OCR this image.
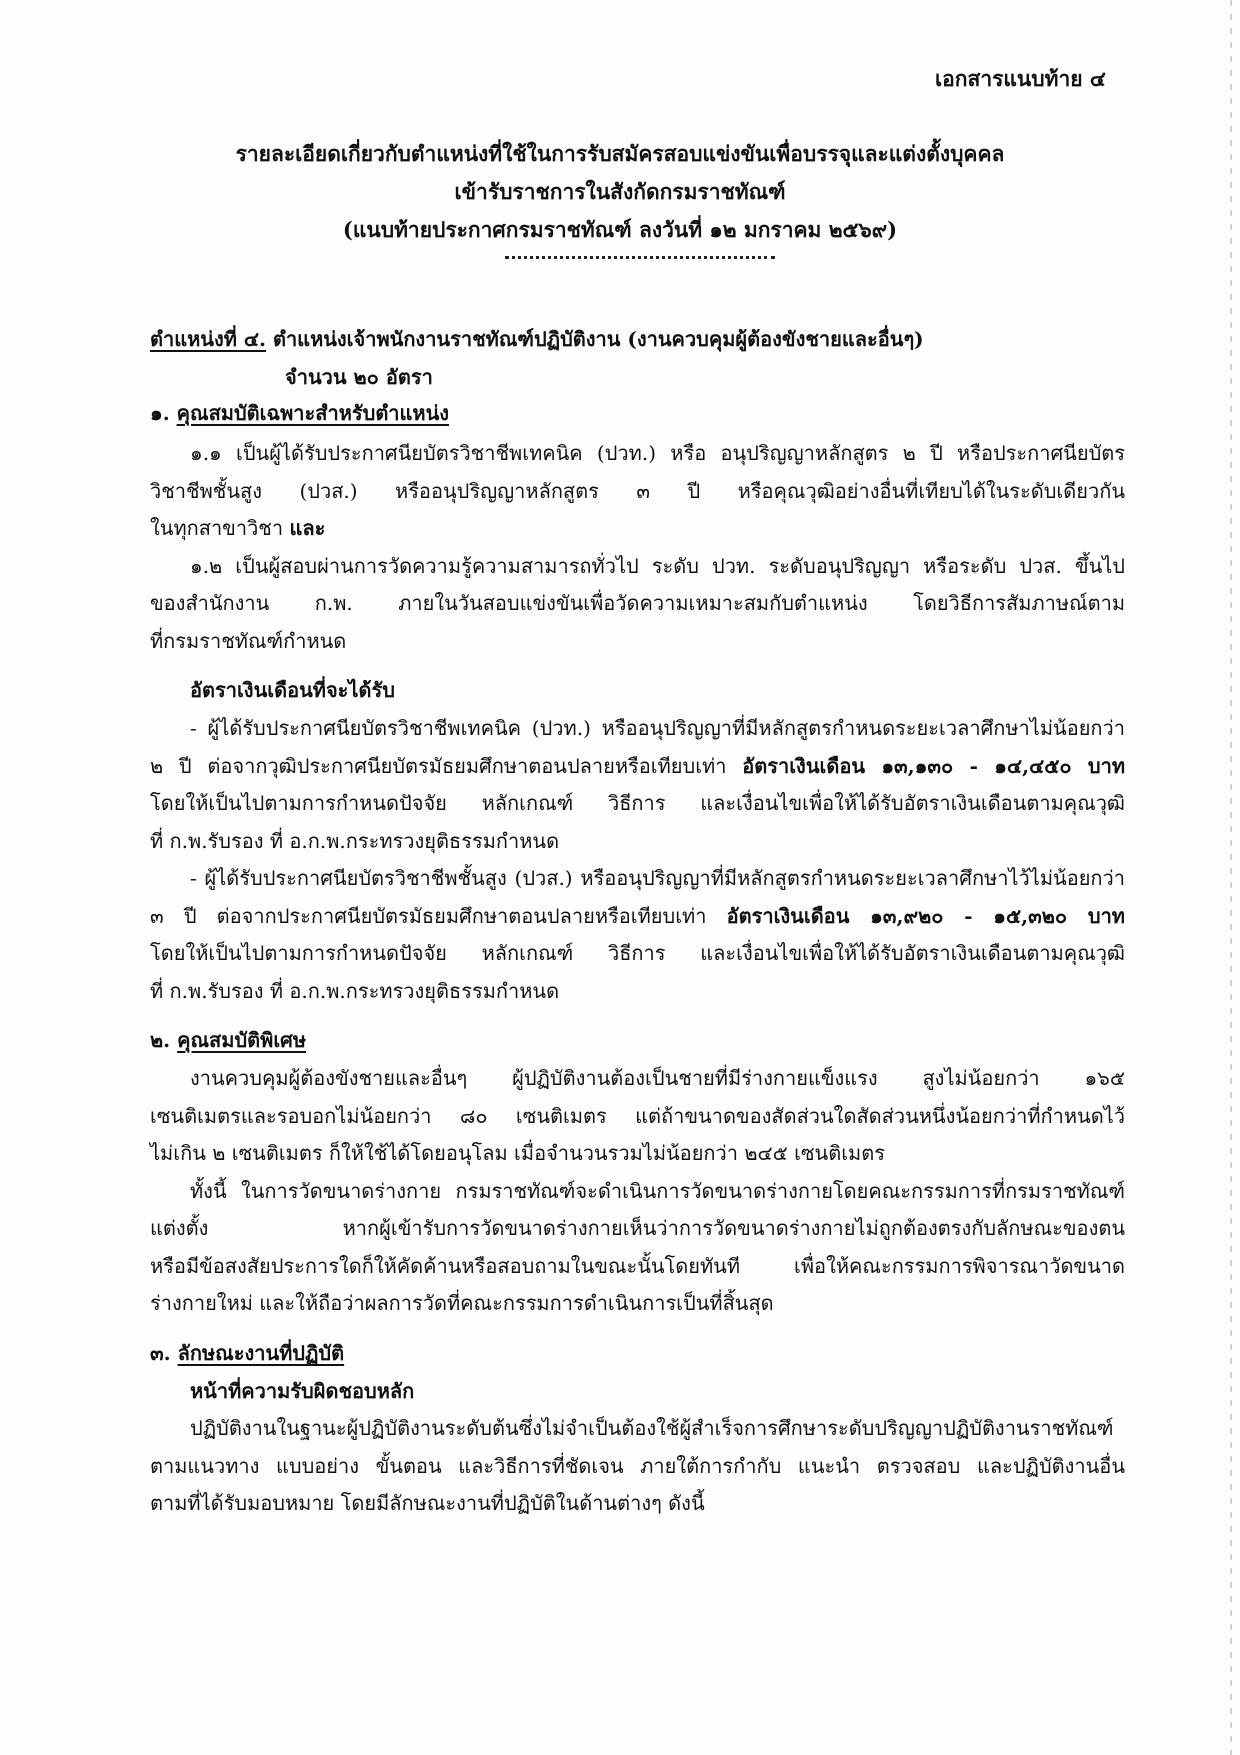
เอกสารแนบท้าย ๔
รายละเอียดเกี่ยวกับตำแหน่งที่ใช้ในการรับสมัครสอบแข่งขันเพื่อบรรจุและแต่งตั้งบุคคล
เข้ารับราชการในสังกัดกรมราชทัณฑ์
(แนบท้ายประกาศกรมราชทัณฑ์ ลงวันที่ ๑๒ มกราคม ๒๕๖๙)
ตำแหน่งที่ ๔. ตำแหน่งเจ้าพนักงานราชทัณฑ์ปฏิบัติงาน (งานควบคุมผู้ต้องขังชายและอื่นๆ)
จำนวน ๒๐ อัตรา
๑. คุณสมบัติเฉพาะสำหรับตำแหน่ง
๑.๑ เป็นผู้ได้รับประกาศนียบัตรวิชาชีพเทคนิค (ปวท.) หรือ อนุปริญญาหลักสูตร ๒ ปี หรือประกาศนียบัตร
วิชาชีพชั้นสูง (ปวส.) หรืออนุปริญญาหลักสูตร ๓ ปี หรือคุณวุฒิอย่างอื่นที่เทียบได้ในระดับเดียวกัน
ในทุกสาขาวิชา และ
๑.๒ เป็นผู้สอบผ่านการวัดความรู้ความสามารถทั่วไป ระดับ ปวท. ระดับอนุปริญญา หรือระดับ ปวส. ขึ้นไป
ของสำนักงาน ก.พ. ภายในวันสอบแข่งขันเพื่อวัดความเหมาะสมกับตำแหน่ง โดยวิธีการสัมภาษณ์ตาม
ที่กรมราชทัณฑ์กำหนด
อัตราเงินเดือนที่จะได้รับ
- ผู้ได้รับประกาศนียบัตรวิชาชีพเทคนิค (ปวท.) หรืออนุปริญญาที่มีหลักสูตรกำหนดระยะเวลาศึกษาไม่น้อยกว่า
๒ ปี ต่อจากวุฒิประกาศนียบัตรมัธยมศึกษาตอนปลายหรือเทียบเท่า อัตราเงินเดือน ๑๓,๑๓๐ - ๑๔,๔๕๐ บาท
โดยให้เป็นไปตามการกำหนดปัจจัย หลักเกณฑ์ วิธีการ และเงื่อนไขเพื่อให้ได้รับอัตราเงินเดือนตามคุณวุฒิ
ที่ ก.พ.รับรอง ที่ อ.ก.พ.กระทรวงยุติธรรมกำหนด
- ผู้ได้รับประกาศนียบัตรวิชาชีพชั้นสูง (ปวส.) หรืออนุปริญญาที่มีหลักสูตรกำหนดระยะเวลาศึกษาไว้ไม่น้อยกว่า
๓ ปี ต่อจากประกาศนียบัตรมัธยมศึกษาตอนปลายหรือเทียบเท่า อัตราเงินเดือน ๑๓,๙๒๐ - ๑๕,๓๒๐ บาท
โดยให้เป็นไปตามการกำหนดปัจจัย หลักเกณฑ์ วิธีการ และเงื่อนไขเพื่อให้ได้รับอัตราเงินเดือนตามคุณวุฒิ
ที่ ก.พ.รับรอง ที่ อ.ก.พ.กระทรวงยุติธรรมกำหนด
๒. คุณสมบัติพิเศษ
งานควบคุมผู้ต้องขังชายและอื่นๆ ผู้ปฏิบัติงานต้องเป็นชายที่มีร่างกายแข็งแรง สูงไม่น้อยกว่า ๑๖๕
เซนติเมตรและรอบอกไม่น้อยกว่า ๘๐ เซนติเมตร แต่ถ้าขนาดของสัดส่วนใดสัดส่วนหนึ่งน้อยกว่าที่กำหนดไว้
ไม่เกิน ๒ เซนติเมตร ก็ให้ใช้ได้โดยอนุโลม เมื่อจำนวนรวมไม่น้อยกว่า ๒๔๕ เซนติเมตร
ทั้งนี้ ในการวัดขนาดร่างกาย กรมราชทัณฑ์จะดำเนินการวัดขนาดร่างกายโดยคณะกรรมการที่กรมราชทัณฑ์
แต่งตั้ง หากผู้เข้ารับการวัดขนาดร่างกายเห็นว่าการวัดขนาดร่างกายไม่ถูกต้องตรงกับลักษณะของตน
หรือมีข้อสงสัยประการใดก็ให้คัดค้านหรือสอบถามในขณะนั้นโดยทันที เพื่อให้คณะกรรมการพิจารณาวัดขนาด
ร่างกายใหม่ และให้ถือว่าผลการวัดที่คณะกรรมการดำเนินการเป็นที่สิ้นสุด
๓. ลักษณะงานที่ปฏิบัติ
หน้าที่ความรับผิดชอบหลัก
ปฏิบัติงานในฐานะผู้ปฏิบัติงานระดับต้นซึ่งไม่จำเป็นต้องใช้ผู้สำเร็จการศึกษาระดับปริญญาปฏิบัติงานราชทัณฑ์
ตามแนวทาง แบบอย่าง ขั้นตอน และวิธีการที่ชัดเจน ภายใต้การกำกับ แนะนำ ตรวจสอบ และปฏิบัติงานอื่น
ตามที่ได้รับมอบหมาย โดยมีลักษณะงานที่ปฏิบัติในด้านต่างๆ ดังนี้
